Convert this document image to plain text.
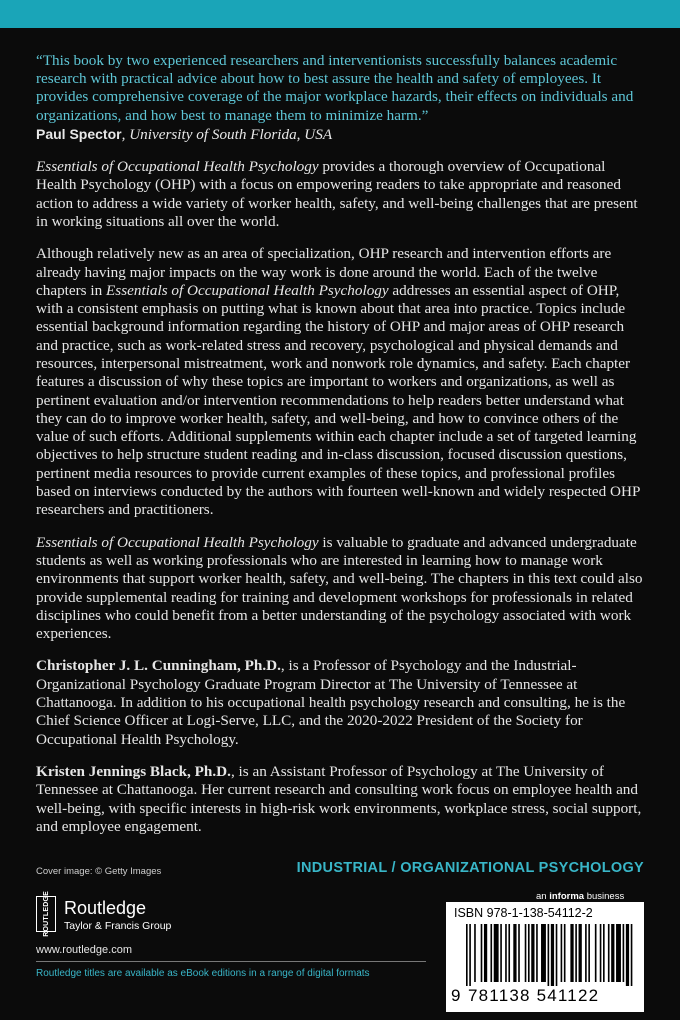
“This book by two experienced researchers and interventionists successfully balances academic research with practical advice about how to best assure the health and safety of employees. It provides comprehensive coverage of the major workplace hazards, their effects on individuals and organizations, and how best to manage them to minimize harm.”

Paul Spector, University of South Florida, USA

Essentials of Occupational Health Psychology provides a thorough overview of Occupational Health Psychology (OHP) with a focus on empowering readers to take appropriate and reasoned action to address a wide variety of worker health, safety, and well-being challenges that are present in working situations all over the world.

Although relatively new as an area of specialization, OHP research and intervention efforts are already having major impacts on the way work is done around the world. Each of the twelve chapters in Essentials of Occupational Health Psychology addresses an essential aspect of OHP, with a consistent emphasis on putting what is known about that area into practice. Topics include essential background information regarding the history of OHP and major areas of OHP research and practice, such as work-related stress and recovery, psychological and physical demands and resources, interpersonal mistreatment, work and nonwork role dynamics, and safety. Each chapter features a discussion of why these topics are important to workers and organizations, as well as pertinent evaluation and/or intervention recommendations to help readers better understand what they can do to improve worker health, safety, and well-being, and how to convince others of the value of such efforts. Additional supplements within each chapter include a set of targeted learning objectives to help structure student reading and in-class discussion, focused discussion questions, pertinent media resources to provide current examples of these topics, and professional profiles based on interviews conducted by the authors with fourteen well-known and widely respected OHP researchers and practitioners.

Essentials of Occupational Health Psychology is valuable to graduate and advanced undergraduate students as well as working professionals who are interested in learning how to manage work environments that support worker health, safety, and well-being. The chapters in this text could also provide supplemental reading for training and development workshops for professionals in related disciplines who could benefit from a better understanding of the psychology associated with work experiences.

Christopher J. L. Cunningham, Ph.D., is a Professor of Psychology and the Industrial-Organizational Psychology Graduate Program Director at The University of Tennessee at Chattanooga. In addition to his occupational health psychology research and consulting, he is the Chief Science Officer at Logi-Serve, LLC, and the 2020-2022 President of the Society for Occupational Health Psychology.

Kristen Jennings Black, Ph.D., is an Assistant Professor of Psychology at The University of Tennessee at Chattanooga. Her current research and consulting work focus on employee health and well-being, with specific interests in high-risk work environments, workplace stress, social support, and employee engagement.

Cover image: © Getty Images	INDUSTRIAL / ORGANIZATIONAL PSYCHOLOGY
ROUTLEDGE Routledge
Taylor & Francis Group
www.routledge.com
Routledge titles are available as eBook editions in a range of digital formats
an informa business
ISBN 978-1-138-54112-2
9 781138 541122
